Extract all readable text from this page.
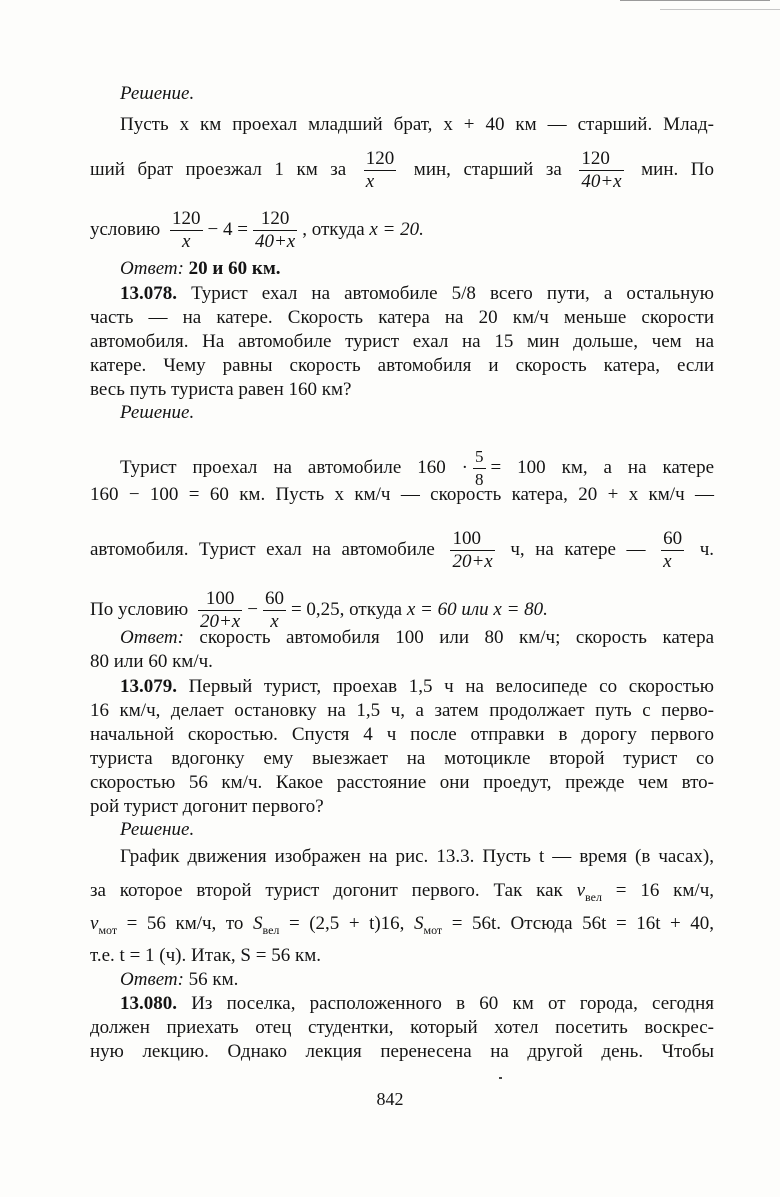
Решение.
Пусть x км проехал младший брат, x + 40 км — старший. Млад-
ший брат проезжал 1 км за $\frac{120}{x}$ мин, старший за $\frac{120}{40+x}$ мин. По
условию $\frac{120}{x} - 4 = \frac{120}{40+x}$ , откуда x = 20.
Ответ: 20 и 60 км.
13.078. Турист ехал на автомобиле 5/8 всего пути, а остальную
часть — на катере. Скорость катера на 20 км/ч меньше скорости
автомобиля. На автомобиле турист ехал на 15 мин дольше, чем на
катере. Чему равны скорость автомобиля и скорость катера, если
весь путь туриста равен 160 км?
Решение.
Турист проехал на автомобиле $160 \cdot \frac{5}{8} = 100$ км, а на катере
160 − 100 = 60 км. Пусть x км/ч — скорость катера, 20 + x км/ч —
автомобиля. Турист ехал на автомобиле $\frac{100}{20+x} ч$, на катере — $\frac{60}{x} ч$.
По условию $\frac{100}{20+x} - \frac{60}{x} = 0,25$, откуда x = 60 или x = 80.
Ответ: скорость автомобиля 100 или 80 км/ч; скорость катера
80 или 60 км/ч.
13.079. Первый турист, проехав 1,5 ч на велосипеде со скоростью
16 км/ч, делает остановку на 1,5 ч, а затем продолжает путь с перво-
начальной скоростью. Спустя 4 ч после отправки в дорогу первого
туриста вдогонку ему выезжает на мотоцикле второй турист со
скоростью 56 км/ч. Какое расстояние они проедут, прежде чем вто-
рой турист догонит первого?
Решение.
График движения изображен на рис. 13.3. Пусть t — время (в часах),
за которое второй турист догонит первого. Так как $v_{вел} = 16$ км/ч,
$v_{мот} = 56$ км/ч, то $S_{вел} = (2,5 + t)16$, $S_{мот} = 56t$. Отсюда 56t = 16t + 40,
т.е. t = 1 (ч). Итак, S = 56 км.
Ответ: 56 км.
13.080. Из поселка, расположенного в 60 км от города, сегодня
должен приехать отец студентки, который хотел посетить воскрес-
ную лекцию. Однако лекция перенесена на другой день. Чтобы
842
